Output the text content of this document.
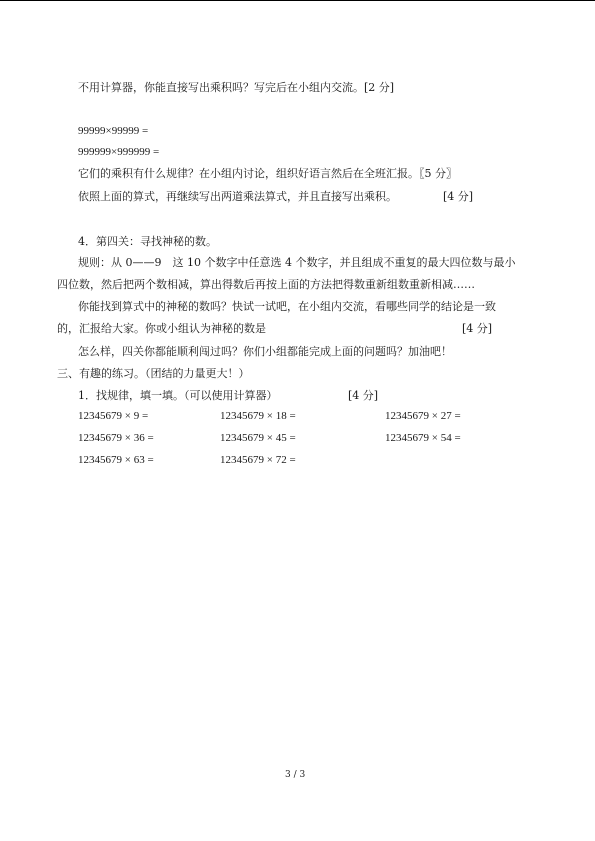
不用计算器，你能直接写出乘积吗？写完后在小组内交流。[2 分]
99999×99999 =
999999×999999 =
它们的乘积有什么规律？在小组内讨论，组织好语言然后在全班汇报。〖5 分〗
依照上面的算式，再继续写出两道乘法算式，并且直接写出乘积。	[4 分]
4．第四关：寻找神秘的数。
规则：从 0——9　这 10 个数字中任意选 4 个数字，并且组成不重复的最大四位数与最小
四位数，然后把两个数相减，算出得数后再按上面的方法把得数重新组数重新相减……
你能找到算式中的神秘的数吗？快试一试吧，在小组内交流，看哪些同学的结论是一致
的，汇报给大家。你或小组认为神秘的数是	[4 分]
怎么样，四关你都能顺利闯过吗？你们小组都能完成上面的问题吗？加油吧！
三、有趣的练习。（团结的力量更大！）
1．找规律，填一填。（可以使用计算器）	[4 分]
12345679 × 9 =	12345679 × 18 =	12345679 × 27 =
12345679 × 36 =	12345679 × 45 =	12345679 × 54 =
12345679 × 63 =	12345679 × 72 =
3 / 3
